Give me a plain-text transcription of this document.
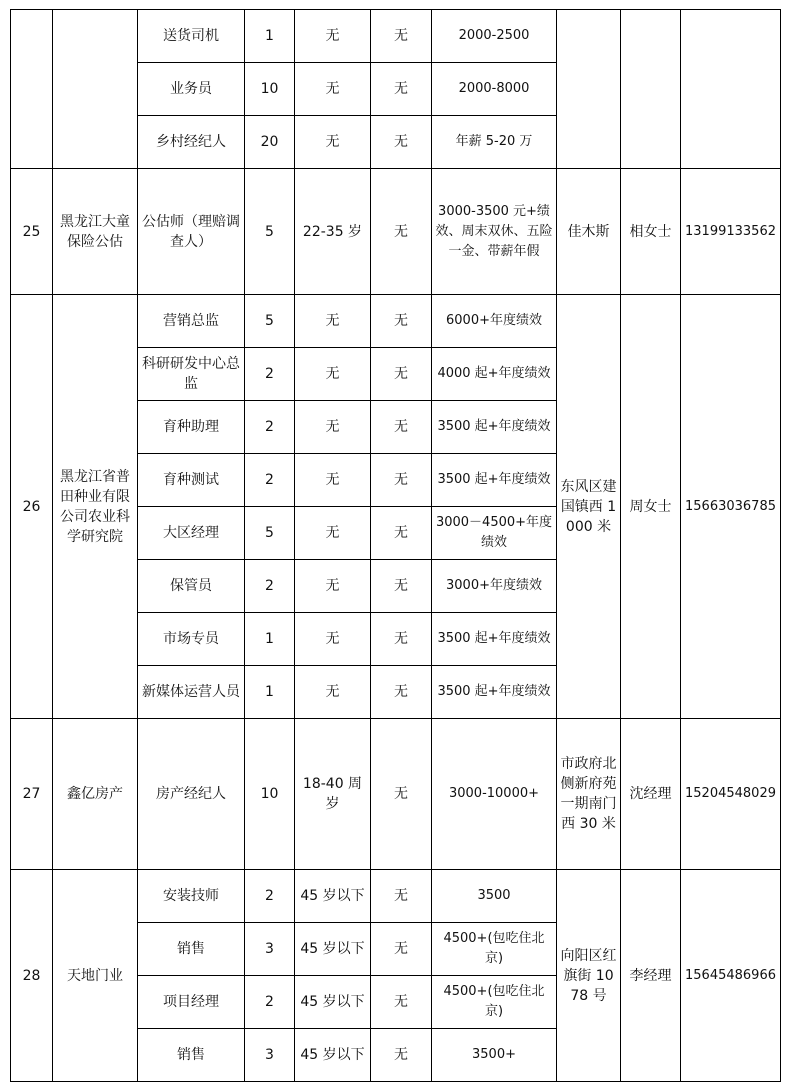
		送货司机	1	无	无	2000-2500			
		业务员	10	无	无	2000-8000			
		乡村经纪人	20	无	无	年薪 5-20 万			
25	黑龙江大童保险公估	公估师（理赔调查人）	5	22-35 岁	无	3000-3500 元+绩效、周末双休、五险一金、带薪年假	佳木斯	相女士	13199133562
26	黑龙江省普田种业有限公司农业科学研究院	营销总监	5	无	无	6000+年度绩效	东风区建国镇西 1000 米	周女士	15663036785
		科研研发中心总监	2	无	无	4000 起+年度绩效			
		育种助理	2	无	无	3500 起+年度绩效			
		育种测试	2	无	无	3500 起+年度绩效			
		大区经理	5	无	无	3000－4500+年度绩效			
		保管员	2	无	无	3000+年度绩效			
		市场专员	1	无	无	3500 起+年度绩效			
		新媒体运营人员	1	无	无	3500 起+年度绩效			
27	鑫亿房产	房产经纪人	10	18-40 周岁	无	3000-10000+	市政府北侧新府苑一期南门西 30 米	沈经理	15204548029
28	天地门业	安装技师	2	45 岁以下	无	3500	向阳区红旗街 1078 号	李经理	15645486966
		销售	3	45 岁以下	无	4500+(包吃住北京)			
		项目经理	2	45 岁以下	无	4500+(包吃住北京)			
		销售	3	45 岁以下	无	3500+			
